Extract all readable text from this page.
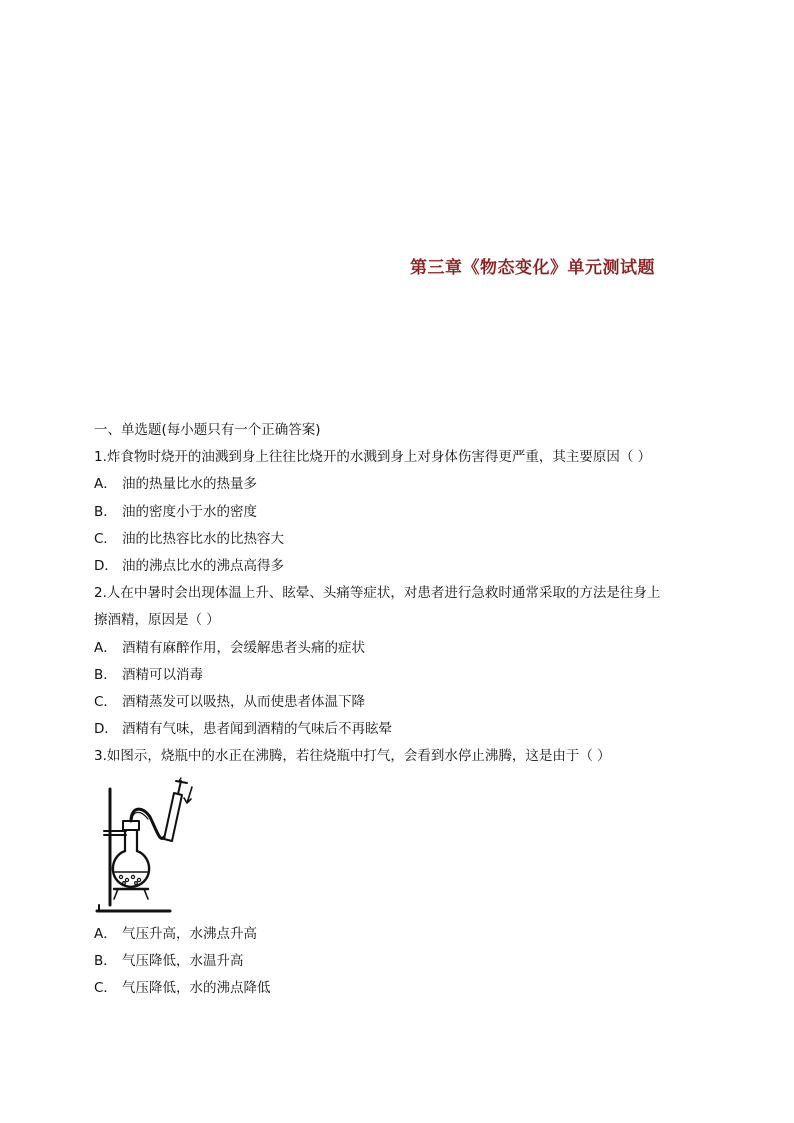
第三章《物态变化》单元测试题
一、单选题(每小题只有一个正确答案)
1.炸食物时烧开的油溅到身上往往比烧开的水溅到身上对身体伤害得更严重，其主要原因（ ）
A． 油的热量比水的热量多
B． 油的密度小于水的密度
C． 油的比热容比水的比热容大
D． 油的沸点比水的沸点高得多
2.人在中暑时会出现体温上升、眩晕、头痛等症状，对患者进行急救时通常采取的方法是往身上
擦酒精，原因是（ ）
A． 酒精有麻醉作用，会缓解患者头痛的症状
B． 酒精可以消毒
C． 酒精蒸发可以吸热，从而使患者体温下降
D． 酒精有气味，患者闻到酒精的气味后不再眩晕
3.如图示，烧瓶中的水正在沸腾，若往烧瓶中打气，会看到水停止沸腾，这是由于（ ）
A． 气压升高，水沸点升高
B． 气压降低，水温升高
C． 气压降低，水的沸点降低
